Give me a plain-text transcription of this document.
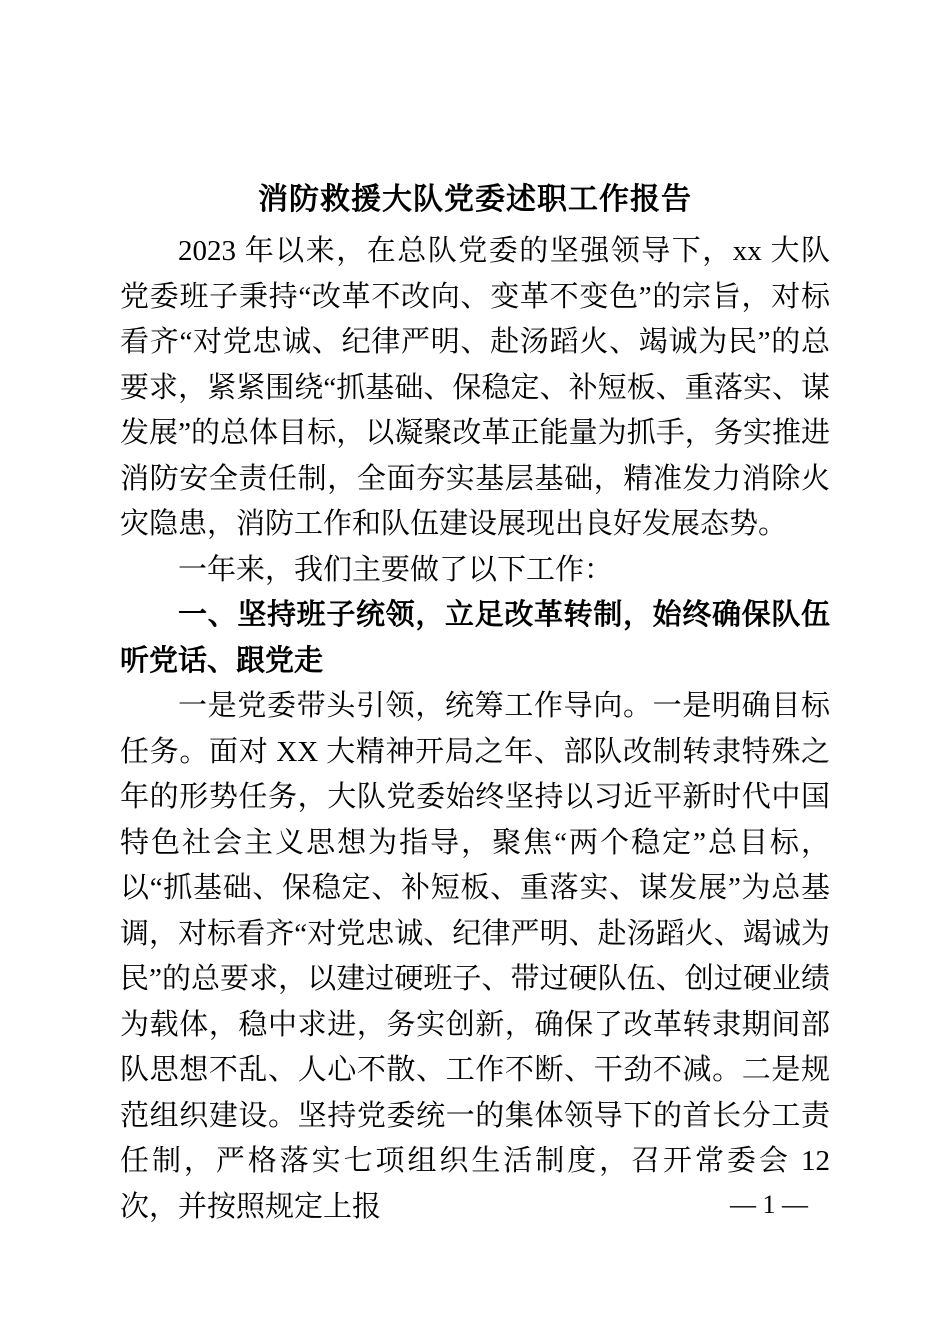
消防救援大队党委述职工作报告

2023 年以来，在总队党委的坚强领导下，xx 大队党委班子秉持“改革不改向、变革不变色”的宗旨，对标看齐“对党忠诚、纪律严明、赴汤蹈火、竭诚为民”的总要求，紧紧围绕“抓基础、保稳定、补短板、重落实、谋发展”的总体目标，以凝聚改革正能量为抓手，务实推进消防安全责任制，全面夯实基层基础，精准发力消除火灾隐患，消防工作和队伍建设展现出良好发展态势。

一年来，我们主要做了以下工作：

一、坚持班子统领，立足改革转制，始终确保队伍听党话、跟党走

一是党委带头引领，统筹工作导向。一是明确目标任务。面对 XX 大精神开局之年、部队改制转隶特殊之年的形势任务，大队党委始终坚持以习近平新时代中国特色社会主义思想为指导，聚焦“两个稳定”总目标，以“抓基础、保稳定、补短板、重落实、谋发展”为总基调，对标看齐“对党忠诚、纪律严明、赴汤蹈火、竭诚为民”的总要求，以建过硬班子、带过硬队伍、创过硬业绩为载体，稳中求进，务实创新，确保了改革转隶期间部队思想不乱、人心不散、工作不断、干劲不减。二是规范组织建设。坚持党委统一的集体领导下的首长分工责任制，严格落实七项组织生活制度，召开常委会 12 次，并按照规定上报	— 1 —
